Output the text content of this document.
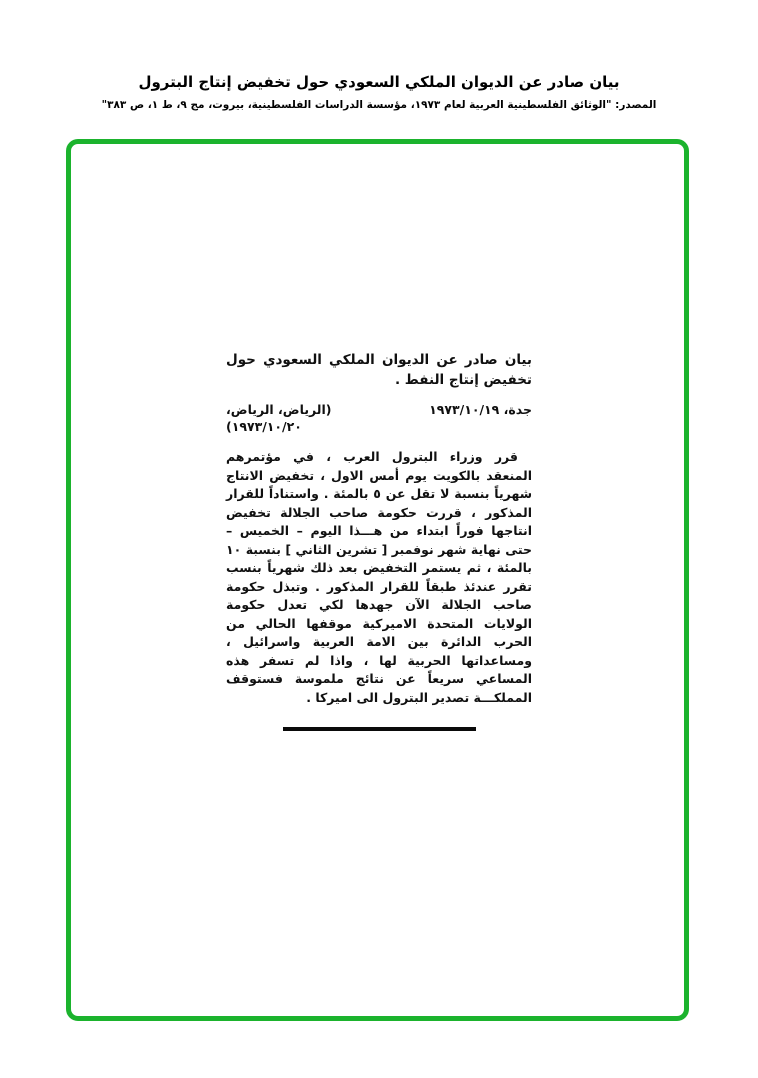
بيان صادر عن الديوان الملكي السعودي حول تخفيض إنتاج البترول
المصدر: "الوثائق الفلسطينية العربية لعام ١٩٧٣، مؤسسة الدراسات الفلسطينية، بيروت، مج ٩، ط ١، ص ٣٨٣"
بيان صادر عن الديوان الملكي السعودي حول تخفيض إنتاج النفط .
جدة، ١٩٧٣/١٠/١٩
(الرياض، الرياض، ١٩٧٣/١٠/٢٠)

قرر وزراء البترول العرب ، في مؤتمرهم المنعقد بالكويت يوم أمس الاول ، تخفيض الانتاج شهرياً بنسبة لا تقل عن ٥ بالمئة . واستناداً للقرار المذكور ، قررت حكومة صاحب الجلالة تخفيض انتاجها فوراً ابتداء من هـــذا اليوم – الخميس – حتى نهاية شهر نوفمبر [ تشرين الثاني ] بنسبة ١٠ بالمئة ، ثم يستمر التخفيض بعد ذلك شهرياً بنسب تقرر عندئذ طبقاً للقرار المذكور . وتبذل حكومة صاحب الجلالة الآن جهدها لكي تعدل حكومة الولايات المتحدة الاميركية موقفها الحالي من الحرب الدائرة بين الامة العربية واسرائيل ، ومساعداتها الحربية لها ، واذا لم تسفر هذه المساعي سريعاً عن نتائج ملموسة فستوقف المملكـــة تصدير البترول الى اميركا .
